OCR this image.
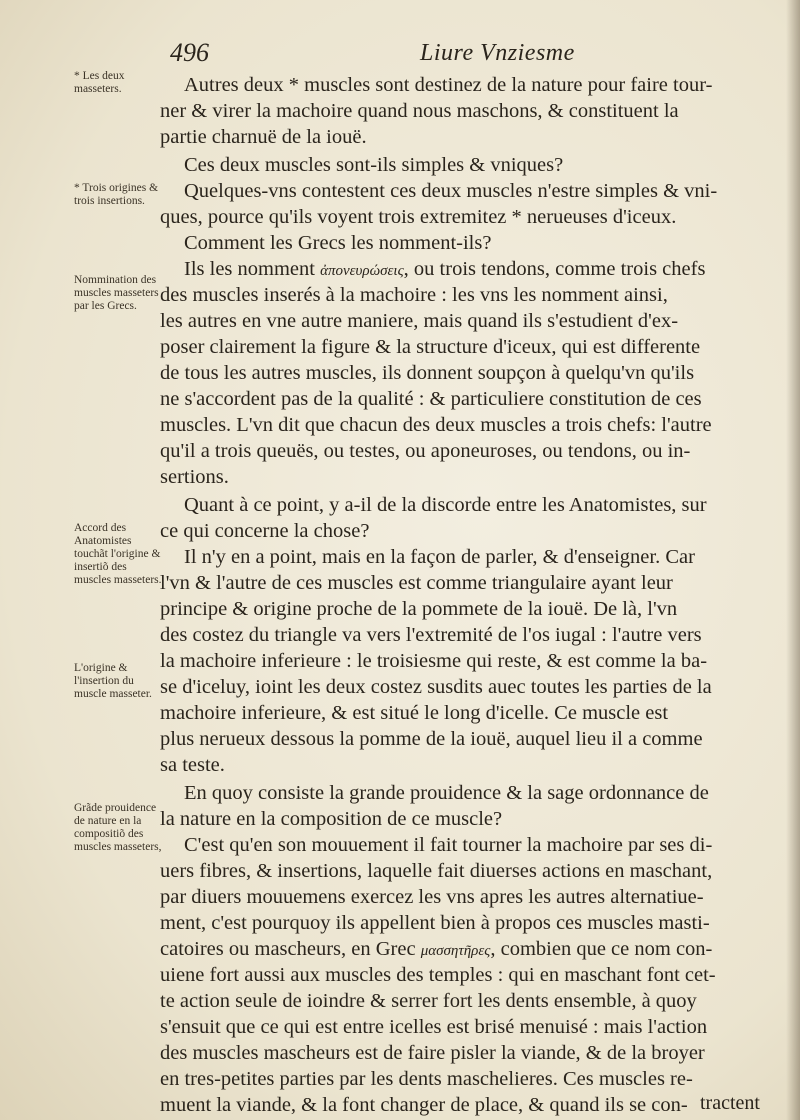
496	Liure Vnziesme
* Les deux masseters.
* Trois origines & trois insertions.
Nommination des muscles masseters par les Grecs.
Accord des Anatomistes touchãt l'origine & insertiõ des muscles masseters.
L'origine & l'insertion du muscle masseter.
Grãde prouidence de nature en la compositiõ des muscles masseters,
Autres deux * muscles sont destinez de la nature pour faire tour-
ner & virer la machoire quand nous maschons, & constituent la
partie charnuë de la iouë.
Ces deux muscles sont-ils simples & vniques?
Quelques-vns contestent ces deux muscles n'estre simples & vni-
ques, pource qu'ils voyent trois extremitez * nerueuses d'iceux.
Comment les Grecs les nomment-ils?
Ils les nomment ἀπονευρώσεις, ou trois tendons, comme trois chefs
des muscles inserés à la machoire : les vns les nomment ainsi,
les autres en vne autre maniere, mais quand ils s'estudient d'ex-
poser clairement la figure & la structure d'iceux, qui est differente
de tous les autres muscles, ils donnent soupçon à quelqu'vn qu'ils
ne s'accordent pas de la qualité : & particuliere constitution de ces
muscles. L'vn dit que chacun des deux muscles a trois chefs: l'autre
qu'il a trois queuës, ou testes, ou aponeuroses, ou tendons, ou in-
sertions.
Quant à ce point, y a-il de la discorde entre les Anatomistes, sur
ce qui concerne la chose?
Il n'y en a point, mais en la façon de parler, & d'enseigner. Car
l'vn & l'autre de ces muscles est comme triangulaire ayant leur
principe & origine proche de la pommete de la iouë. De là, l'vn
des costez du triangle va vers l'extremité de l'os iugal : l'autre vers
la machoire inferieure : le troisiesme qui reste, & est comme la ba-
se d'iceluy, ioint les deux costez susdits auec toutes les parties de la
machoire inferieure, & est situé le long d'icelle. Ce muscle est
plus nerueux dessous la pomme de la iouë, auquel lieu il a comme
sa teste.
En quoy consiste la grande prouidence & la sage ordonnance de
la nature en la composition de ce muscle?
C'est qu'en son mouuement il fait tourner la machoire par ses di-
uers fibres, & insertions, laquelle fait diuerses actions en maschant,
par diuers mouuemens exercez les vns apres les autres alternatiue-
ment, c'est pourquoy ils appellent bien à propos ces muscles masti-
catoires ou mascheurs, en Grec μασσητῆρες, combien que ce nom con-
uiene fort aussi aux muscles des temples : qui en maschant font cet-
te action seule de ioindre & serrer fort les dents ensemble, à quoy
s'ensuit que ce qui est entre icelles est brisé menuisé : mais l'action
des muscles mascheurs est de faire pisler la viande, & de la broyer
en tres-petites parties par les dents maschelieres. Ces muscles re-
muent la viande, & la font changer de place, & quand ils se con- tractent
